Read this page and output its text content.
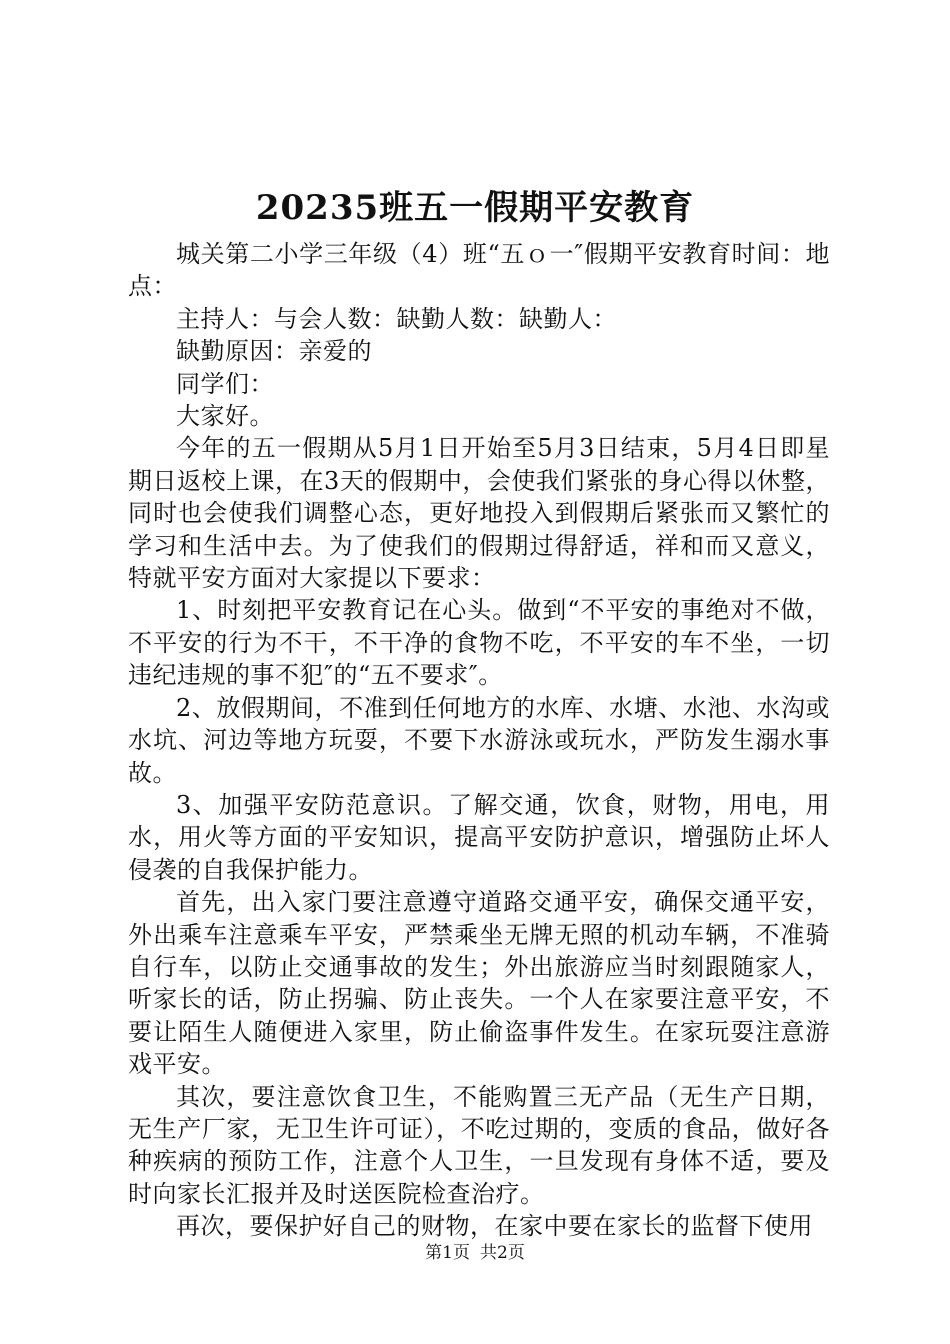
20235班五一假期平安教育

城关第二小学三年级（4）班“五ｏ一″假期平安教育时间：地点：

主持人：与会人数：缺勤人数：缺勤人：

缺勤原因：亲爱的

同学们：

大家好。

今年的五一假期从5月1日开始至5月3日结束，5月4日即星期日返校上课，在3天的假期中，会使我们紧张的身心得以休整，同时也会使我们调整心态，更好地投入到假期后紧张而又繁忙的学习和生活中去。为了使我们的假期过得舒适，祥和而又意义，特就平安方面对大家提以下要求：

1、时刻把平安教育记在心头。做到“不平安的事绝对不做，不平安的行为不干，不干净的食物不吃，不平安的车不坐，一切违纪违规的事不犯″的“五不要求″。

2、放假期间，不准到任何地方的水库、水塘、水池、水沟或水坑、河边等地方玩耍，不要下水游泳或玩水，严防发生溺水事故。

3、加强平安防范意识。了解交通，饮食，财物，用电，用水，用火等方面的平安知识，提高平安防护意识，增强防止坏人侵袭的自我保护能力。

首先，出入家门要注意遵守道路交通平安，确保交通平安，外出乘车注意乘车平安，严禁乘坐无牌无照的机动车辆，不准骑自行车，以防止交通事故的发生；外出旅游应当时刻跟随家人，听家长的话，防止拐骗、防止丧失。一个人在家要注意平安，不要让陌生人随便进入家里，防止偷盗事件发生。在家玩耍注意游戏平安。

其次，要注意饮食卫生，不能购置三无产品（无生产日期，无生产厂家，无卫生许可证），不吃过期的，变质的食品，做好各种疾病的预防工作，注意个人卫生，一旦发现有身体不适，要及时向家长汇报并及时送医院检查治疗。

再次，要保护好自己的财物，在家中要在家长的监督下使用

第1页 共2页
